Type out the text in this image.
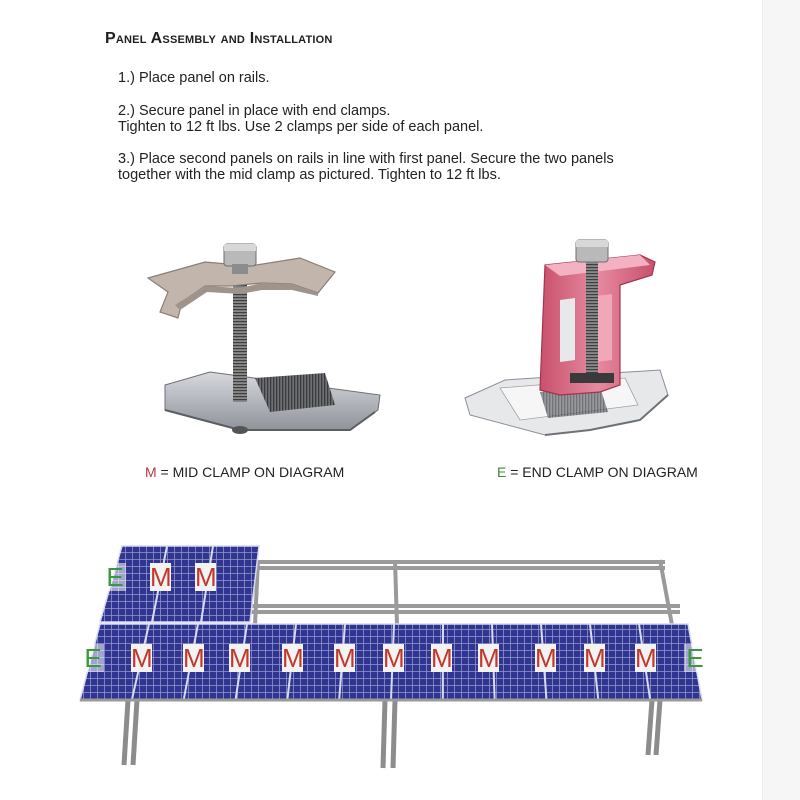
Panel Assembly and Installation

1.) Place panel on rails.

2.) Secure panel in place with end clamps.

Tighten to 12 ft lbs. Use 2 clamps per side of each panel.

3.) Place second panels on rails in line with first panel. Secure the two panels

together with the mid clamp as pictured. Tighten to 12 ft lbs.

M = MID CLAMP ON DIAGRAM	E = END CLAMP ON DIAGRAM
E M M
E M M M M M M M M M M M E
